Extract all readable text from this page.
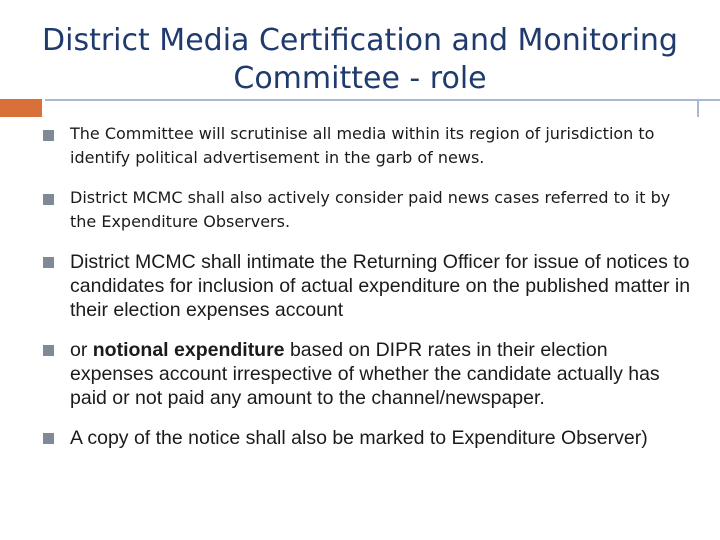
District Media Certification and Monitoring
Committee - role
The Committee will scrutinise all media within its region of jurisdiction to identify political advertisement in the garb of news.
District MCMC shall also actively consider paid news cases referred to it by the Expenditure Observers.
District MCMC shall intimate the Returning Officer for issue of notices to candidates for inclusion of actual expenditure on the published matter in their election expenses account
or notional expenditure based on DIPR rates in their election expenses account irrespective of whether the candidate actually has paid or not paid any amount to the channel/newspaper.
A copy of the notice shall also be marked to Expenditure Observer)
